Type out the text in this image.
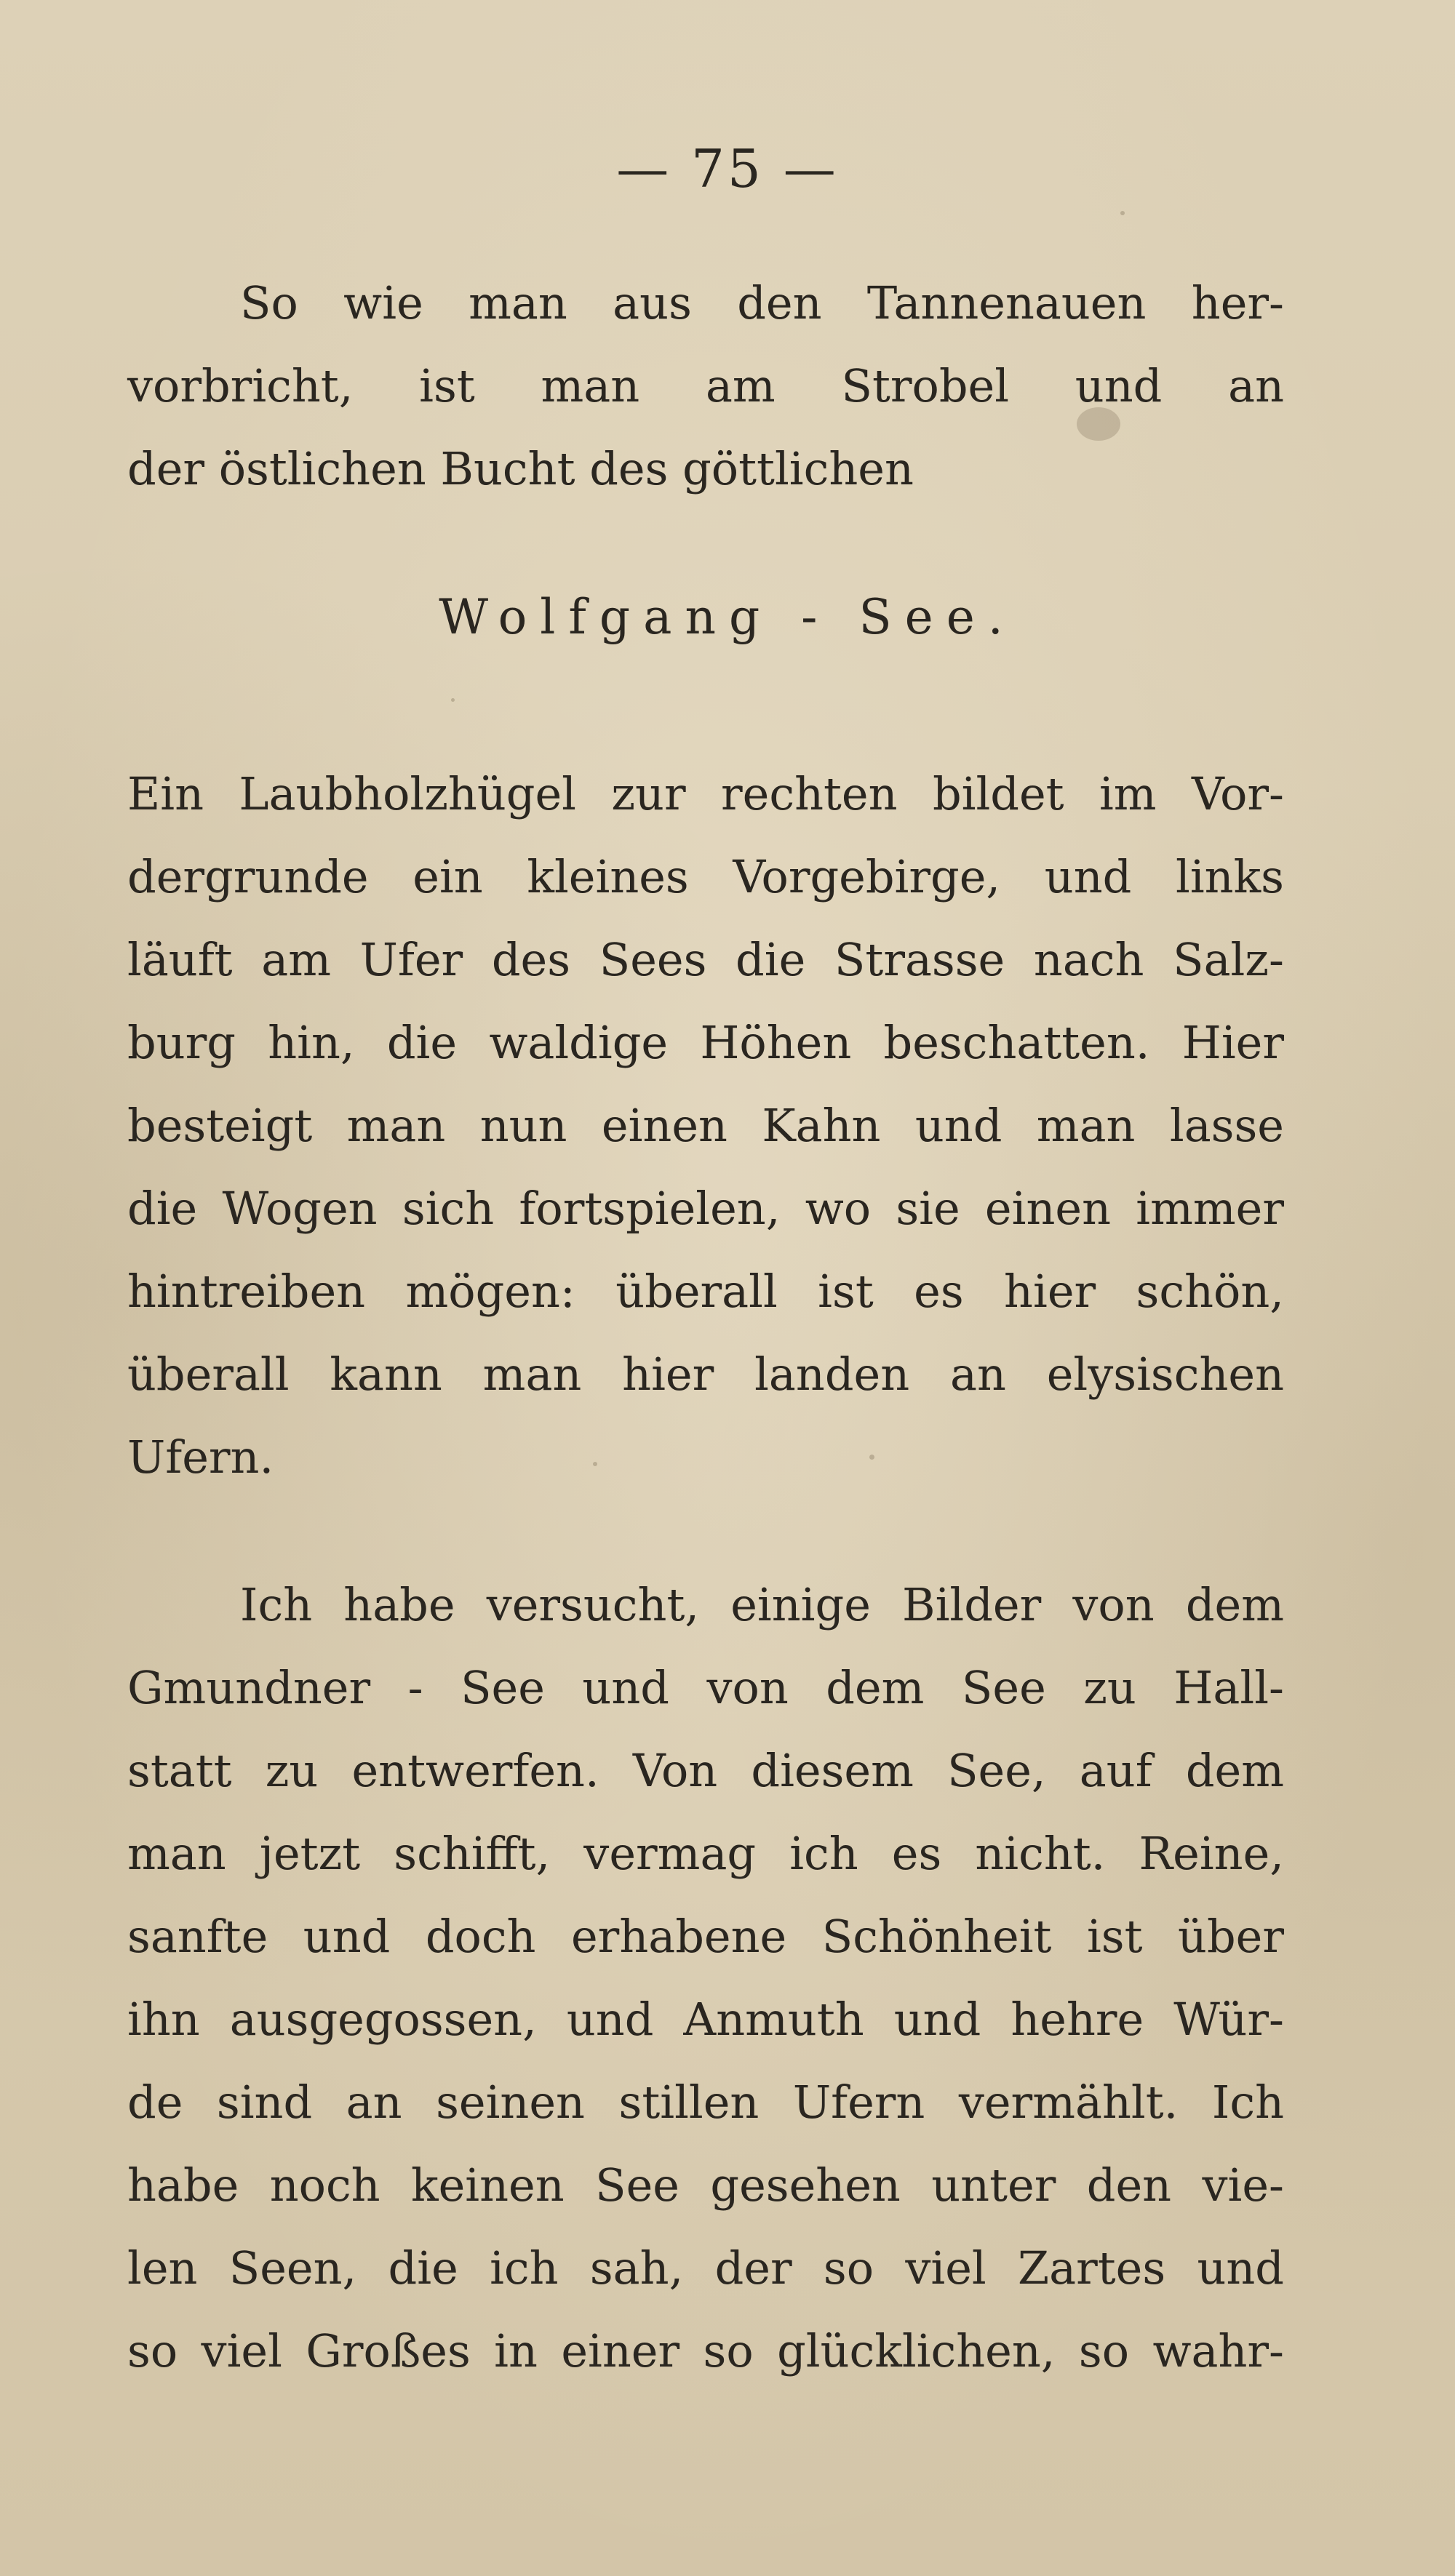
— 75 —
So wie man aus den Tannenauen her-
vorbricht, ist man am Strobel und an
der östlichen Bucht des göttlichen
Wolfgang - See.
Ein Laubholzhügel zur rechten bildet im Vor-
dergrunde ein kleines Vorgebirge, und links
läuft am Ufer des Sees die Strasse nach Salz-
burg hin, die waldige Höhen beschatten. Hier
besteigt man nun einen Kahn und man lasse
die Wogen sich fortspielen, wo sie einen immer
hintreiben mögen: überall ist es hier schön,
überall kann man hier landen an elysischen
Ufern.
Ich habe versucht, einige Bilder von dem
Gmundner - See und von dem See zu Hall-
statt zu entwerfen. Von diesem See, auf dem
man jetzt schifft, vermag ich es nicht. Reine,
sanfte und doch erhabene Schönheit ist über
ihn ausgegossen, und Anmuth und hehre Wür-
de sind an seinen stillen Ufern vermählt. Ich
habe noch keinen See gesehen unter den vie-
len Seen, die ich sah, der so viel Zartes und
so viel Großes in einer so glücklichen, so wahr-
